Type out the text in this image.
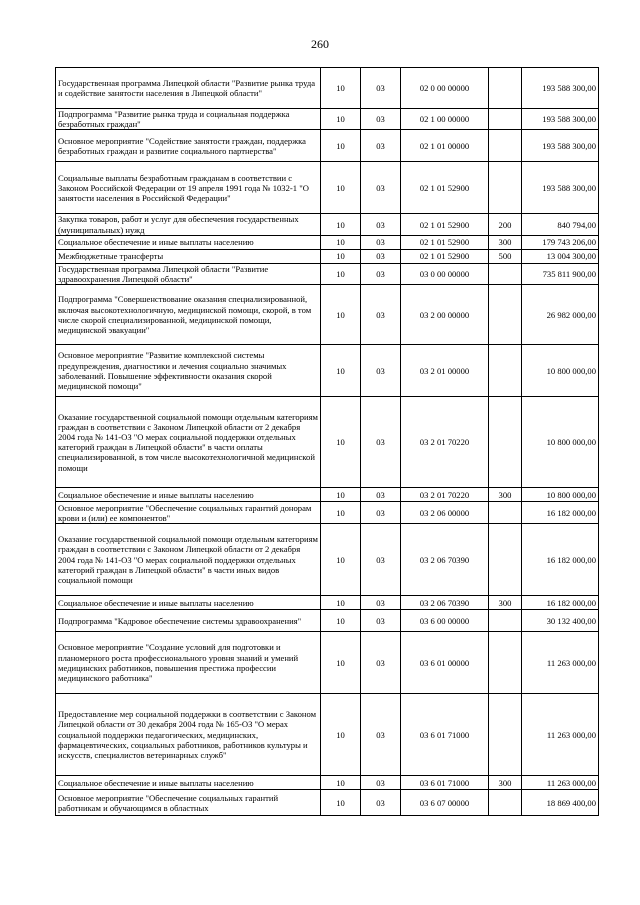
260
Государственная программа Липецкой области "Развитие рынка труда и содействие занятости населения в Липецкой области"	10	03	02 0 00 00000		193 588 300,00
Подпрограмма "Развитие рынка труда и социальная поддержка безработных граждан"	10	03	02 1 00 00000		193 588 300,00
Основное мероприятие "Содействие занятости граждан, поддержка безработных граждан и развитие социального партнерства"	10	03	02 1 01 00000		193 588 300,00
Социальные выплаты безработным гражданам в соответствии с Законом Российской Федерации от 19 апреля 1991 года № 1032-1 "О занятости населения в Российской Федерации"	10	03	02 1 01 52900		193 588 300,00
Закупка товаров, работ и услуг для обеспечения государственных (муниципальных) нужд	10	03	02 1 01 52900	200	840 794,00
Социальное обеспечение и иные выплаты населению	10	03	02 1 01 52900	300	179 743 206,00
Межбюджетные трансферты	10	03	02 1 01 52900	500	13 004 300,00
Государственная программа Липецкой области "Развитие здравоохранения Липецкой области"	10	03	03 0 00 00000		735 811 900,00
Подпрограмма "Совершенствование оказания специализированной, включая высокотехнологичную, медицинской помощи, скорой, в том числе скорой специализированной, медицинской помощи, медицинской эвакуации"	10	03	03 2 00 00000		26 982 000,00
Основное мероприятие "Развитие комплексной системы предупреждения, диагностики и лечения социально значимых заболеваний. Повышение эффективности оказания скорой медицинской помощи"	10	03	03 2 01 00000		10 800 000,00
Оказание государственной социальной помощи отдельным категориям граждан в соответствии с Законом Липецкой области от 2 декабря 2004 года № 141-ОЗ "О мерах социальной поддержки отдельных категорий граждан в Липецкой области" в части оплаты специализированной, в том числе высокотехнологичной медицинской помощи	10	03	03 2 01 70220		10 800 000,00
Социальное обеспечение и иные выплаты населению	10	03	03 2 01 70220	300	10 800 000,00
Основное мероприятие "Обеспечение социальных гарантий донорам крови и (или) ее компонентов"	10	03	03 2 06 00000		16 182 000,00
Оказание государственной социальной помощи отдельным категориям граждан в соответствии с Законом Липецкой области от 2 декабря 2004 года № 141-ОЗ "О мерах социальной поддержки отдельных категорий граждан в Липецкой области" в части иных видов социальной помощи	10	03	03 2 06 70390		16 182 000,00
Социальное обеспечение и иные выплаты населению	10	03	03 2 06 70390	300	16 182 000,00
Подпрограмма "Кадровое обеспечение системы здравоохранения"	10	03	03 6 00 00000		30 132 400,00
Основное мероприятие "Создание условий для подготовки и планомерного роста профессионального уровня знаний и умений медицинских работников, повышения престижа профессии медицинского работника"	10	03	03 6 01 00000		11 263 000,00
Предоставление мер социальной поддержки в соответствии с Законом Липецкой области от 30 декабря 2004 года № 165-ОЗ "О мерах социальной поддержки педагогических, медицинских, фармацевтических, социальных работников, работников культуры и искусств, специалистов ветеринарных служб"	10	03	03 6 01 71000		11 263 000,00
Социальное обеспечение и иные выплаты населению	10	03	03 6 01 71000	300	11 263 000,00
Основное мероприятие "Обеспечение социальных гарантий работникам и обучающимся в областных	10	03	03 6 07 00000		18 869 400,00
